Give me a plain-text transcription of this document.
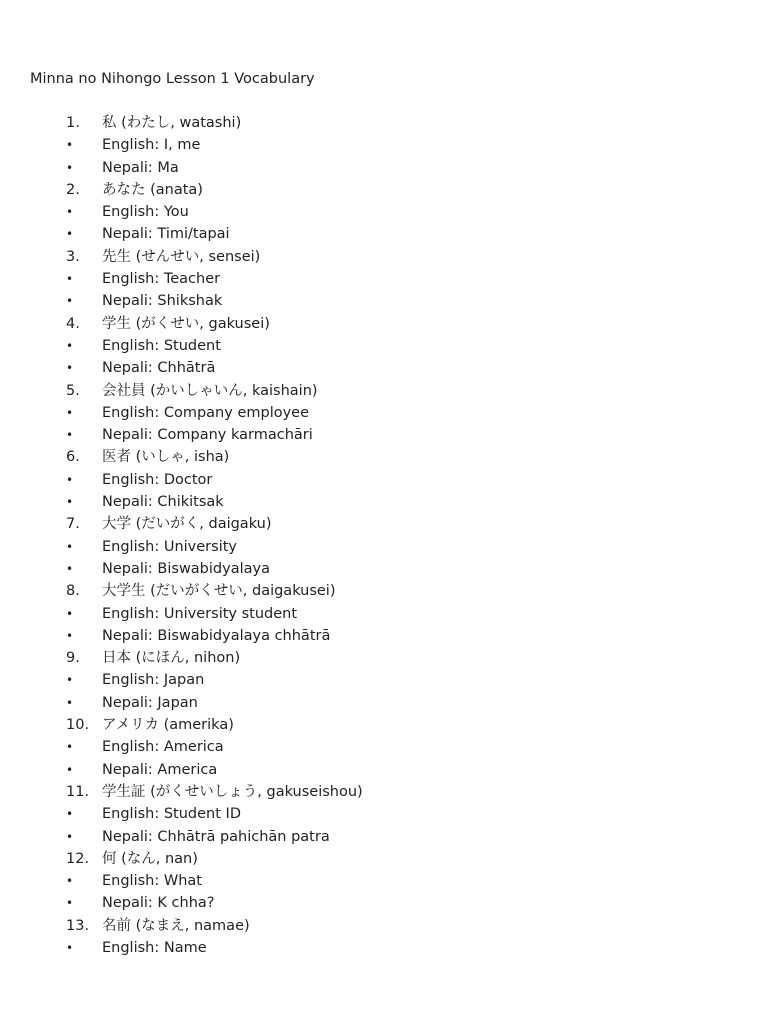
Minna no Nihongo Lesson 1 Vocabulary
1. 私 (わたし, watashi)
• English: I, me
• Nepali: Ma
2. あなた (anata)
• English: You
• Nepali: Timi/tapai
3. 先生 (せんせい, sensei)
• English: Teacher
• Nepali: Shikshak
4. 学生 (がくせい, gakusei)
• English: Student
• Nepali: Chhātrā
5. 会社員 (かいしゃいん, kaishain)
• English: Company employee
• Nepali: Company karmachāri
6. 医者 (いしゃ, isha)
• English: Doctor
• Nepali: Chikitsak
7. 大学 (だいがく, daigaku)
• English: University
• Nepali: Biswabidyalaya
8. 大学生 (だいがくせい, daigakusei)
• English: University student
• Nepali: Biswabidyalaya chhātrā
9. 日本 (にほん, nihon)
• English: Japan
• Nepali: Japan
10. アメリカ (amerika)
• English: America
• Nepali: America
11. 学生証 (がくせいしょう, gakuseishou)
• English: Student ID
• Nepali: Chhātrā pahichān patra
12. 何 (なん, nan)
• English: What
• Nepali: K chha?
13. 名前 (なまえ, namae)
• English: Name
